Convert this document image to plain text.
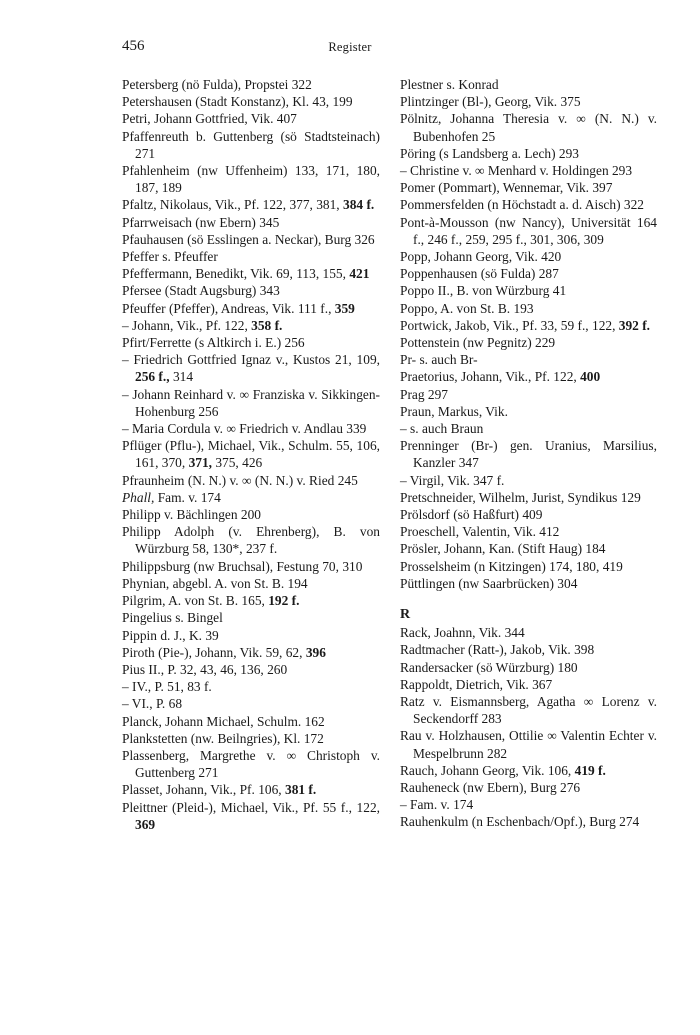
456	Register
Petersberg (nö Fulda), Propstei 322
Petershausen (Stadt Konstanz), Kl. 43, 199
Petri, Johann Gottfried, Vik. 407
Pfaffenreuth b. Guttenberg (sö Stadtsteinach) 271
Pfahlenheim (nw Uffenheim) 133, 171, 180, 187, 189
Pfaltz, Nikolaus, Vik., Pf. 122, 377, 381, 384 f.
Pfarrweisach (nw Ebern) 345
Pfauhausen (sö Esslingen a. Neckar), Burg 326
Pfeffer s. Pfeuffer
Pfeffermann, Benedikt, Vik. 69, 113, 155, 421
Pfersee (Stadt Augsburg) 343
Pfeuffer (Pfeffer), Andreas, Vik. 111 f., 359
– Johann, Vik., Pf. 122, 358 f.
Pfirt/Ferrette (s Altkirch i. E.) 256
– Friedrich Gottfried Ignaz v., Kustos 21, 109, 256 f., 314
– Johann Reinhard v. ∞ Franziska v. Sikkingen-Hohenburg 256
– Maria Cordula v. ∞ Friedrich v. Andlau 339
Pflüger (Pflu-), Michael, Vik., Schulm. 55, 106, 161, 370, 371, 375, 426
Pfraunheim (N. N.) v. ∞ (N. N.) v. Ried 245
Phall, Fam. v. 174
Philipp v. Bächlingen 200
Philipp Adolph (v. Ehrenberg), B. von Würzburg 58, 130*, 237 f.
Philippsburg (nw Bruchsal), Festung 70, 310
Phynian, abgebl. A. von St. B. 194
Pilgrim, A. von St. B. 165, 192 f.
Pingelius s. Bingel
Pippin d. J., K. 39
Piroth (Pie-), Johann, Vik. 59, 62, 396
Pius II., P. 32, 43, 46, 136, 260
– IV., P. 51, 83 f.
– VI., P. 68
Planck, Johann Michael, Schulm. 162
Plankstetten (nw. Beilngries), Kl. 172
Plassenberg, Margrethe v. ∞ Christoph v. Guttenberg 271
Plasset, Johann, Vik., Pf. 106, 381 f.
Pleittner (Pleid-), Michael, Vik., Pf. 55 f., 122, 369
Plestner s. Konrad
Plintzinger (Bl-), Georg, Vik. 375
Pölnitz, Johanna Theresia v. ∞ (N. N.) v. Bubenhofen 25
Pöring (s Landsberg a. Lech) 293
– Christine v. ∞ Menhard v. Holdingen 293
Pomer (Pommart), Wennemar, Vik. 397
Pommersfelden (n Höchstadt a. d. Aisch) 322
Pont-à-Mousson (nw Nancy), Universität 164 f., 246 f., 259, 295 f., 301, 306, 309
Popp, Johann Georg, Vik. 420
Poppenhausen (sö Fulda) 287
Poppo II., B. von Würzburg 41
Poppo, A. von St. B. 193
Portwick, Jakob, Vik., Pf. 33, 59 f., 122, 392 f.
Pottenstein (nw Pegnitz) 229
Pr- s. auch Br-
Praetorius, Johann, Vik., Pf. 122, 400
Prag 297
Praun, Markus, Vik.
– s. auch Braun
Prenninger (Br-) gen. Uranius, Marsilius, Kanzler 347
– Virgil, Vik. 347 f.
Pretschneider, Wilhelm, Jurist, Syndikus 129
Prölsdorf (sö Haßfurt) 409
Proeschell, Valentin, Vik. 412
Prösler, Johann, Kan. (Stift Haug) 184
Prosselsheim (n Kitzingen) 174, 180, 419
Püttlingen (nw Saarbrücken) 304
R
Rack, Joahnn, Vik. 344
Radtmacher (Ratt-), Jakob, Vik. 398
Randersacker (sö Würzburg) 180
Rappoldt, Dietrich, Vik. 367
Ratz v. Eismannsberg, Agatha ∞ Lorenz v. Seckendorff 283
Rau v. Holzhausen, Ottilie ∞ Valentin Echter v. Mespelbrunn 282
Rauch, Johann Georg, Vik. 106, 419 f.
Rauheneck (nw Ebern), Burg 276
– Fam. v. 174
Rauhenkulm (n Eschenbach/Opf.), Burg 274
